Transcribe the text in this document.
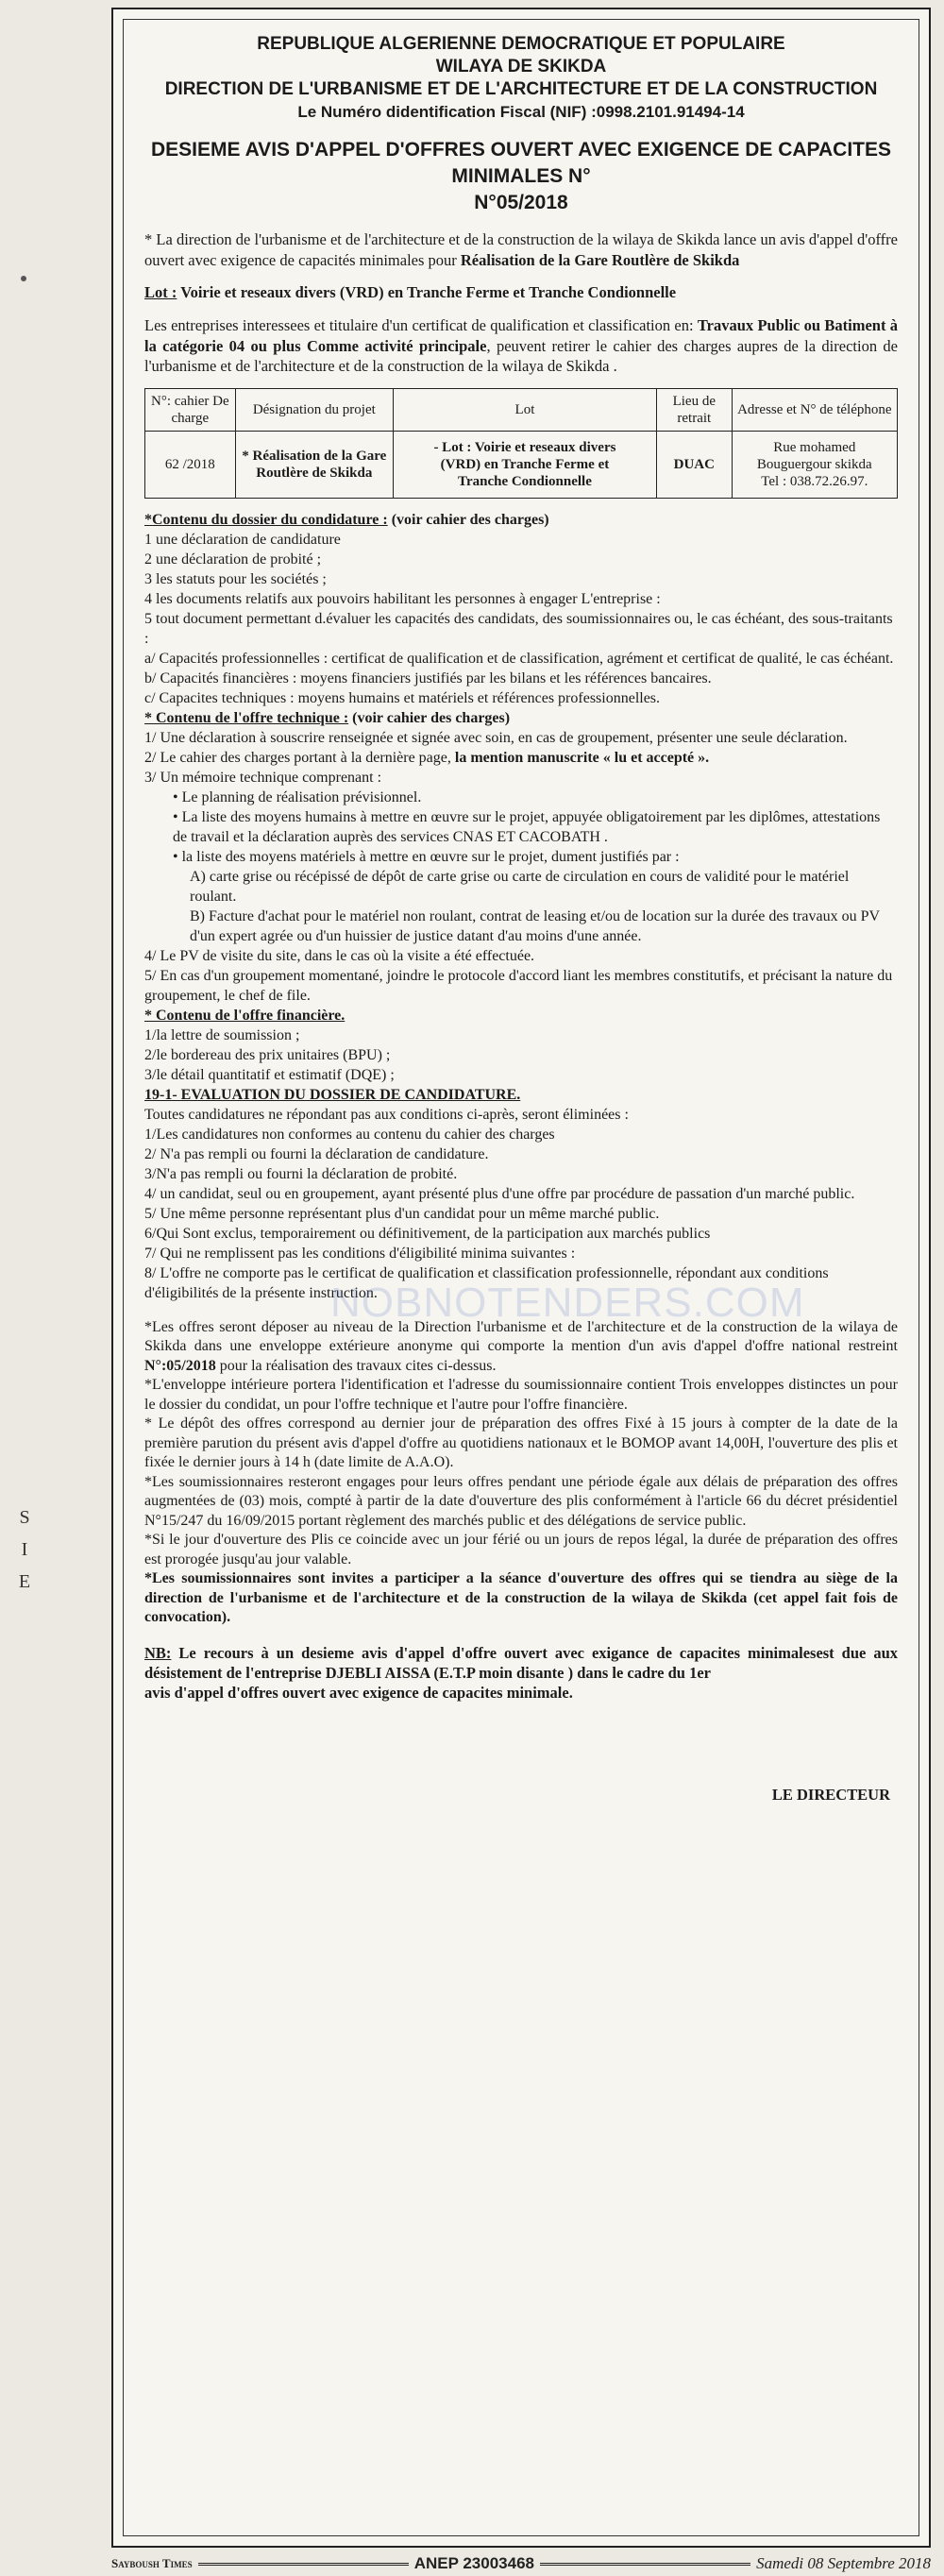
REPUBLIQUE ALGERIENNE DEMOCRATIQUE ET POPULAIRE
WILAYA DE SKIKDA
DIRECTION DE L'URBANISME ET DE L'ARCHITECTURE ET DE LA CONSTRUCTION
Le Numéro didentification Fiscal (NIF) :0998.2101.91494-14
DESIEME AVIS D'APPEL D'OFFRES OUVERT AVEC EXIGENCE DE CAPACITES MINIMALES N°
N°05/2018

* La direction de l'urbanisme et de l'architecture et de la construction de la wilaya de Skikda lance un avis d'appel d'offre ouvert avec exigence de capacités minimales pour Réalisation de la Gare Routlère de Skikda

Lot : Voirie et reseaux divers (VRD) en Tranche Ferme et Tranche Condionnelle

Les entreprises interessees et titulaire d'un certificat de qualification et classification en: Travaux Public ou Batiment à la catégorie 04 ou plus Comme activité principale, peuvent retirer le cahier des charges aupres de la direction de l'urbanisme et de l'architecture et de la construction de la wilaya de Skikda .

N°: cahier De charge	Désignation du projet	Lot	Lieu de retrait	Adresse et N° de téléphone
62 /2018	* Réalisation de la Gare Routlère de Skikda	- Lot : Voirie et reseaux divers (VRD) en Tranche Ferme et Tranche Condionnelle	DUAC	Rue mohamed Bouguergour skikda
Tel : 038.72.26.97.

*Contenu du dossier du condidature : (voir cahier des charges)

1 une déclaration de candidature

2 une déclaration de probité ;

3 les statuts pour les sociétés ;

4 les documents relatifs aux pouvoirs habilitant les personnes à engager L'entreprise :

5 tout document permettant d.évaluer les capacités des candidats, des soumissionnaires ou, le cas échéant, des sous-traitants :

a/ Capacités professionnelles : certificat de qualification et de classification, agrément et certificat de qualité, le cas échéant.

b/ Capacités financières : moyens financiers justifiés par les bilans et les références bancaires.

c/ Capacites techniques : moyens humains et matériels et références professionnelles.

* Contenu de l'offre technique : (voir cahier des charges)

1/ Une déclaration à souscrire renseignée et signée avec soin, en cas de groupement, présenter une seule déclaration.

2/ Le cahier des charges portant à la dernière page, la mention manuscrite « lu et accepté ».

3/ Un mémoire technique comprenant :

• Le planning de réalisation prévisionnel.

• La liste des moyens humains à mettre en œuvre sur le projet, appuyée obligatoirement par les diplômes, attestations de travail et la déclaration auprès des services CNAS ET CACOBATH .

• la liste des moyens matériels à mettre en œuvre sur le projet, dument justifiés par :

A) carte grise ou récépissé de dépôt de carte grise ou carte de circulation en cours de validité pour le matériel roulant.

B) Facture d'achat pour le matériel non roulant, contrat de leasing et/ou de location sur la durée des travaux ou PV d'un expert agrée ou d'un huissier de justice datant d'au moins d'une année.

4/ Le PV de visite du site, dans le cas où la visite a été effectuée.

5/ En cas d'un groupement momentané, joindre le protocole d'accord liant les membres constitutifs, et précisant la nature du groupement, le chef de file.

* Contenu de l'offre financière.

1/la lettre de soumission ;

2/le bordereau des prix unitaires (BPU) ;

3/le détail quantitatif et estimatif (DQE) ;

19-1- EVALUATION DU DOSSIER DE CANDIDATURE.

Toutes candidatures ne répondant pas aux conditions ci-après, seront éliminées :

1/Les candidatures non conformes au contenu du cahier des charges

2/ N'a pas rempli ou fourni la déclaration de candidature.

3/N'a pas rempli ou fourni la déclaration de probité.

4/ un candidat, seul ou en groupement, ayant présenté plus d'une offre par procédure de passation d'un marché public.

5/ Une même personne représentant plus d'un candidat pour un même marché public.

6/Qui Sont exclus, temporairement ou définitivement, de la participation aux marchés publics

7/ Qui ne remplissent pas les conditions d'éligibilité minima suivantes :

8/ L'offre ne comporte pas le certificat de qualification et classification professionnelle, répondant aux conditions d'éligibilités de la présente instruction.

*Les offres seront déposer au niveau de la Direction l'urbanisme et de l'architecture et de la construction de la wilaya de Skikda dans une enveloppe extérieure anonyme qui comporte la mention d'un avis d'appel d'offre national restreint N°:05/2018 pour la réalisation des travaux cites ci-dessus.

*L'enveloppe intérieure portera l'identification et l'adresse du soumissionnaire contient Trois enveloppes distinctes un pour le dossier du condidat, un pour l'offre technique et l'autre pour l'offre financière.

* Le dépôt des offres correspond au dernier jour de préparation des offres Fixé à 15 jours à compter de la date de la première parution du présent avis d'appel d'offre au quotidiens nationaux et le BOMOP avant 14,00H, l'ouverture des plis et fixée le dernier jours à 14 h (date limite de A.A.O).

*Les soumissionnaires resteront engages pour leurs offres pendant une période égale aux délais de préparation des offres augmentées de (03) mois, compté à partir de la date d'ouverture des plis conformément à l'article 66 du décret présidentiel N°15/247 du 16/09/2015 portant règlement des marchés public et des délégations de service public.

*Si le jour d'ouverture des Plis ce coincide avec un jour férié ou un jours de repos légal, la durée de préparation des offres est prorogée jusqu'au jour valable.

*Les soumissionnaires sont invites a participer a la séance d'ouverture des offres qui se tiendra au siège de la direction de l'urbanisme et de l'architecture et de la construction de la wilaya de Skikda (cet appel fait fois de convocation).

NB: Le recours à un desieme avis d'appel d'offre ouvert avec exigance de capacites minimalesest due aux désistement de l'entreprise DJEBLI AISSA (E.T.P moin disante ) dans le cadre du 1er

avis d'appel d'offres ouvert avec exigence de capacites minimale.

LE DIRECTEUR
NOBNOTENDERS.COM
S
I
E
Sayboush Times	ANEP 23003468	Samedi 08 Septembre 2018
